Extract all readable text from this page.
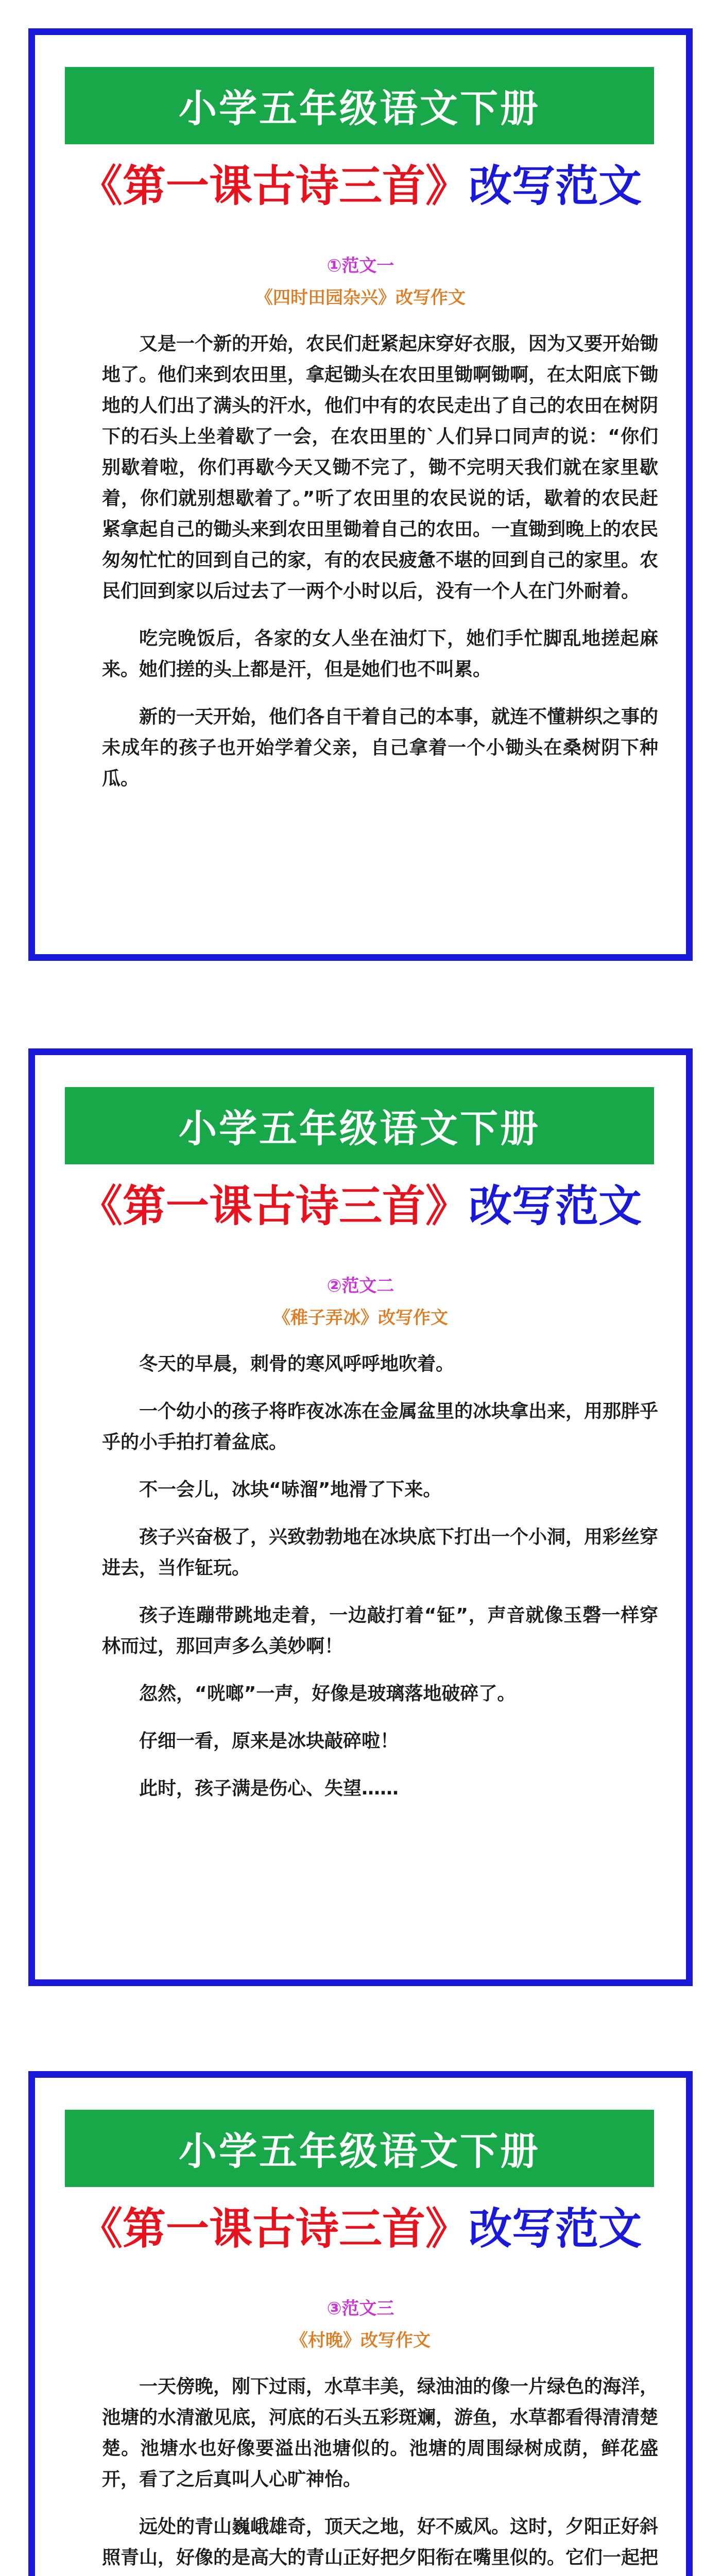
小学五年级语文下册
《第一课古诗三首》改写范文
①范文一
《四时田园杂兴》改写作文

又是一个新的开始，农民们赶紧起床穿好衣服，因为又要开始锄地了。他们来到农田里，拿起锄头在农田里锄啊锄啊，在太阳底下锄地的人们出了满头的汗水，他们中有的农民走出了自己的农田在树阴下的石头上坐着歇了一会，在农田里的`人们异口同声的说：“你们别歇着啦，你们再歇今天又锄不完了，锄不完明天我们就在家里歇着，你们就别想歇着了。”听了农田里的农民说的话，歇着的农民赶紧拿起自己的锄头来到农田里锄着自己的农田。一直锄到晚上的农民匆匆忙忙的回到自己的家，有的农民疲惫不堪的回到自己的家里。农民们回到家以后过去了一两个小时以后，没有一个人在门外耐着。

吃完晚饭后，各家的女人坐在油灯下，她们手忙脚乱地搓起麻来。她们搓的头上都是汗，但是她们也不叫累。

新的一天开始，他们各自干着自己的本事，就连不懂耕织之事的未成年的孩子也开始学着父亲，自己拿着一个小锄头在桑树阴下种瓜。

小学五年级语文下册
《第一课古诗三首》改写范文
②范文二
《稚子弄冰》改写作文

冬天的早晨，刺骨的寒风呼呼地吹着。

一个幼小的孩子将昨夜冰冻在金属盆里的冰块拿出来，用那胖乎乎的小手拍打着盆底。

不一会儿，冰块“哧溜”地滑了下来。

孩子兴奋极了，兴致勃勃地在冰块底下打出一个小洞，用彩丝穿进去，当作钲玩。

孩子连蹦带跳地走着，一边敲打着“钲”，声音就像玉磬一样穿林而过，那回声多么美妙啊！

忽然，“咣啷”一声，好像是玻璃落地破碎了。

仔细一看，原来是冰块敲碎啦！

此时，孩子满是伤心、失望……

小学五年级语文下册
《第一课古诗三首》改写范文
③范文三
《村晚》改写作文

一天傍晚，刚下过雨，水草丰美，绿油油的像一片绿色的海洋，池塘的水清澈见底，河底的石头五彩斑斓，游鱼，水草都看得清清楚楚。池塘水也好像要溢出池塘似的。池塘的周围绿树成荫，鲜花盛开，看了之后真叫人心旷神怡。

远处的青山巍峨雄奇，顶天之地，好不威风。这时，夕阳正好斜照青山，好像的是高大的青山正好把夕阳衔在嘴里似的。它们一起把
